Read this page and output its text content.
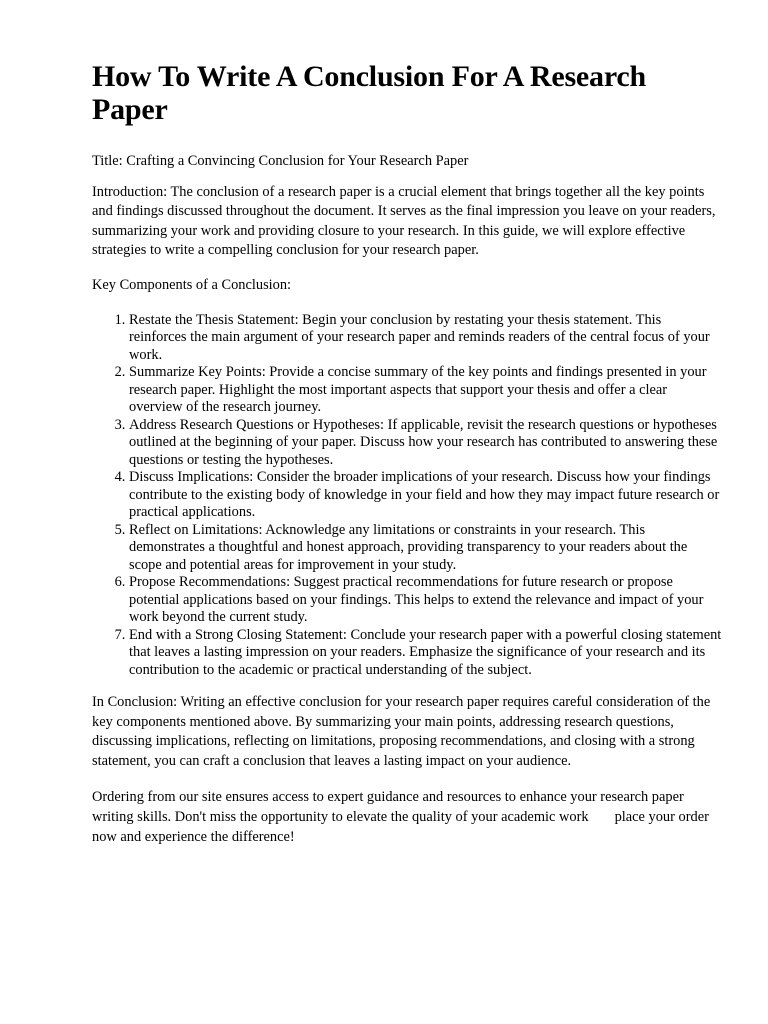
How To Write A Conclusion For A Research Paper

Title: Crafting a Convincing Conclusion for Your Research Paper

Introduction: The conclusion of a research paper is a crucial element that brings together all the key points and findings discussed throughout the document. It serves as the final impression you leave on your readers, summarizing your work and providing closure to your research. In this guide, we will explore effective strategies to write a compelling conclusion for your research paper.

Key Components of a Conclusion:

1. Restate the Thesis Statement: Begin your conclusion by restating your thesis statement. This reinforces the main argument of your research paper and reminds readers of the central focus of your work.
2. Summarize Key Points: Provide a concise summary of the key points and findings presented in your research paper. Highlight the most important aspects that support your thesis and offer a clear overview of the research journey.
3. Address Research Questions or Hypotheses: If applicable, revisit the research questions or hypotheses outlined at the beginning of your paper. Discuss how your research has contributed to answering these questions or testing the hypotheses.
4. Discuss Implications: Consider the broader implications of your research. Discuss how your findings contribute to the existing body of knowledge in your field and how they may impact future research or practical applications.
5. Reflect on Limitations: Acknowledge any limitations or constraints in your research. This demonstrates a thoughtful and honest approach, providing transparency to your readers about the scope and potential areas for improvement in your study.
6. Propose Recommendations: Suggest practical recommendations for future research or propose potential applications based on your findings. This helps to extend the relevance and impact of your work beyond the current study.
7. End with a Strong Closing Statement: Conclude your research paper with a powerful closing statement that leaves a lasting impression on your readers. Emphasize the significance of your research and its contribution to the academic or practical understanding of the subject.

In Conclusion: Writing an effective conclusion for your research paper requires careful consideration of the key components mentioned above. By summarizing your main points, addressing research questions, discussing implications, reflecting on limitations, proposing recommendations, and closing with a strong statement, you can craft a conclusion that leaves a lasting impact on your audience.

Ordering from our site ensures access to expert guidance and resources to enhance your research paper writing skills. Don't miss the opportunity to elevate the quality of your academic work place your order now and experience the difference!
